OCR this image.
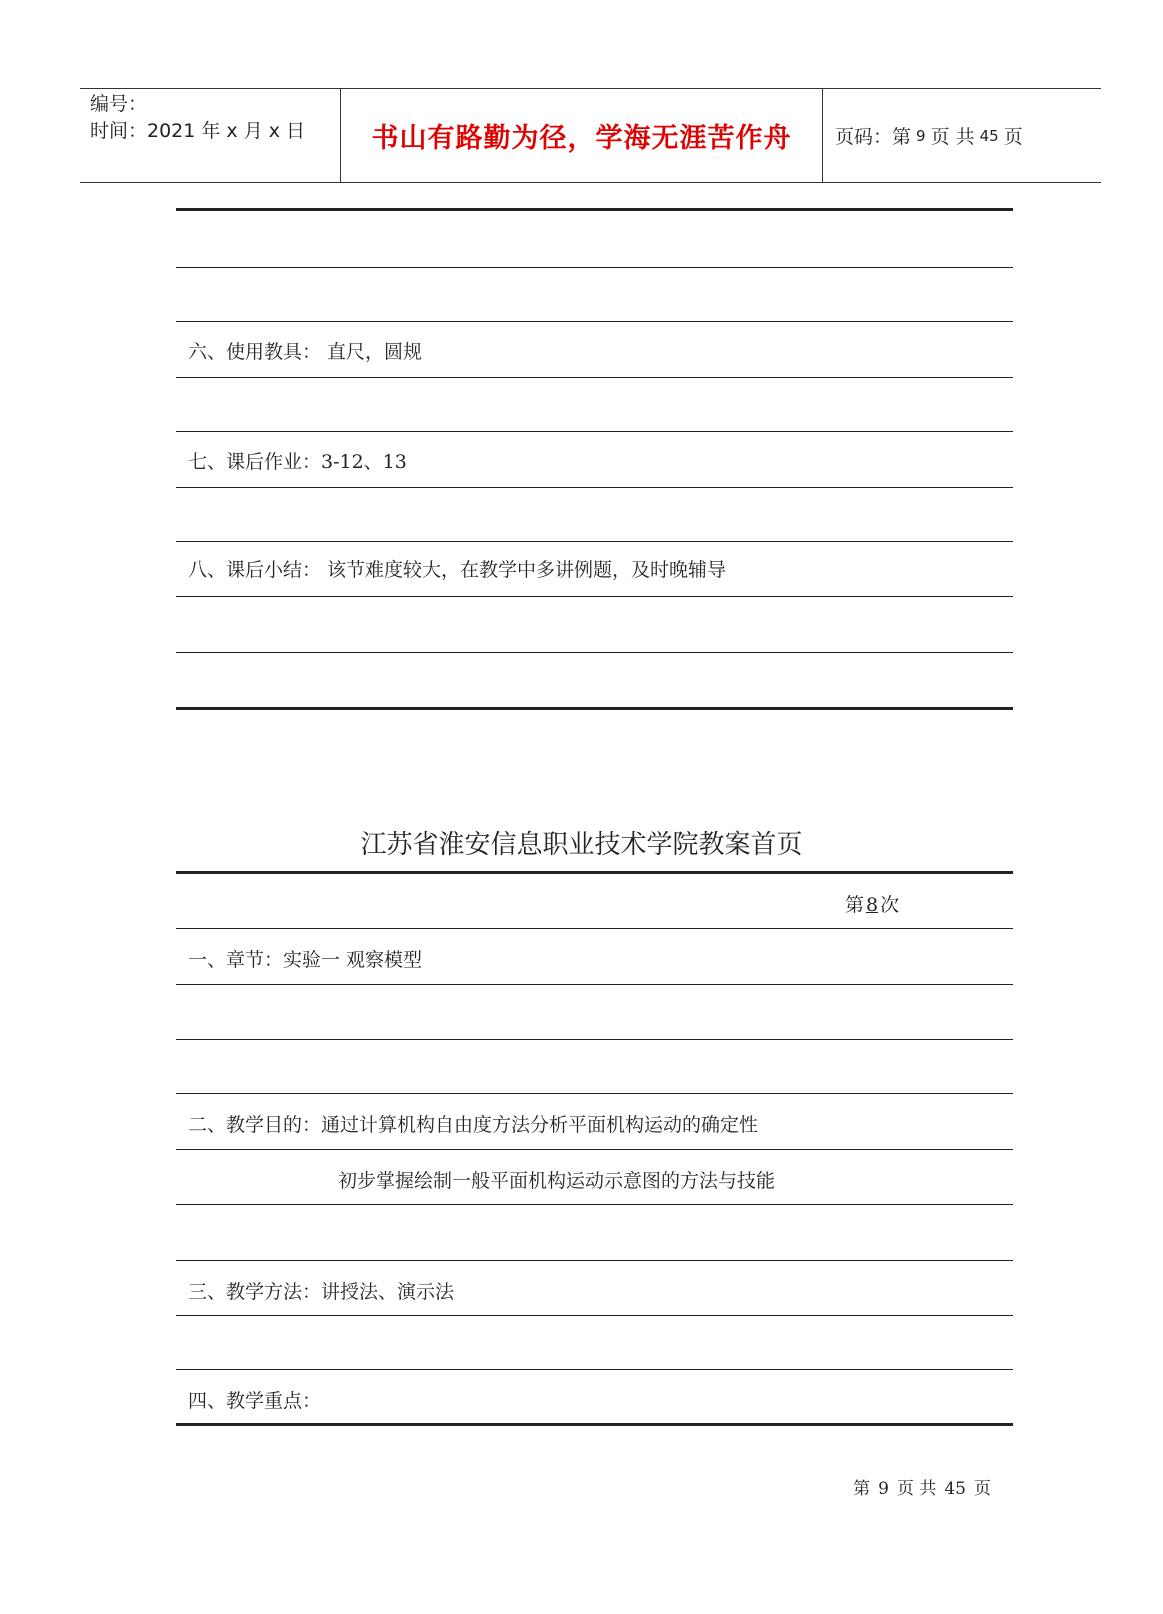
编号：
时间：2021 年 x 月 x 日	书山有路勤为径，学海无涯苦作舟	页码：第 9 页 共 45 页
六、使用教具： 直尺，圆规
七、课后作业：3-12、13
八、课后小结： 该节难度较大，在教学中多讲例题，及时晚辅导
江苏省淮安信息职业技术学院教案首页
第 8 次
一、章节：实验一 观察模型
二、教学目的：通过计算机构自由度方法分析平面机构运动的确定性
初步掌握绘制一般平面机构运动示意图的方法与技能
三、教学方法：讲授法、演示法
四、教学重点：
第 9 页 共 45 页
